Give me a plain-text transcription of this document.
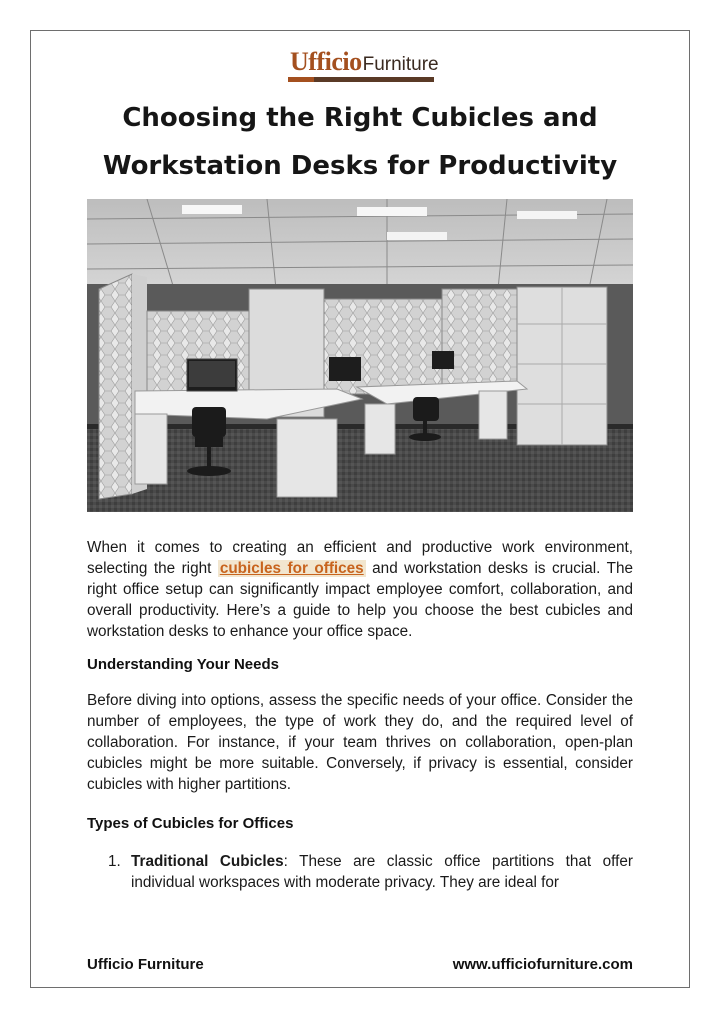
UfficioFurniture
Choosing the Right Cubicles and Workstation Desks for Productivity

When it comes to creating an efficient and productive work environment, selecting the right cubicles for offices and workstation desks is crucial. The right office setup can significantly impact employee comfort, collaboration, and overall productivity. Here’s a guide to help you choose the best cubicles and workstation desks to enhance your office space.

Understanding Your Needs

Before diving into options, assess the specific needs of your office. Consider the number of employees, the type of work they do, and the required level of collaboration. For instance, if your team thrives on collaboration, open-plan cubicles might be more suitable. Conversely, if privacy is essential, consider cubicles with higher partitions.

Types of Cubicles for Offices
1. Traditional Cubicles: These are classic office partitions that offer individual workspaces with moderate privacy. They are ideal for
Ufficio Furniture	www.ufficiofurniture.com
